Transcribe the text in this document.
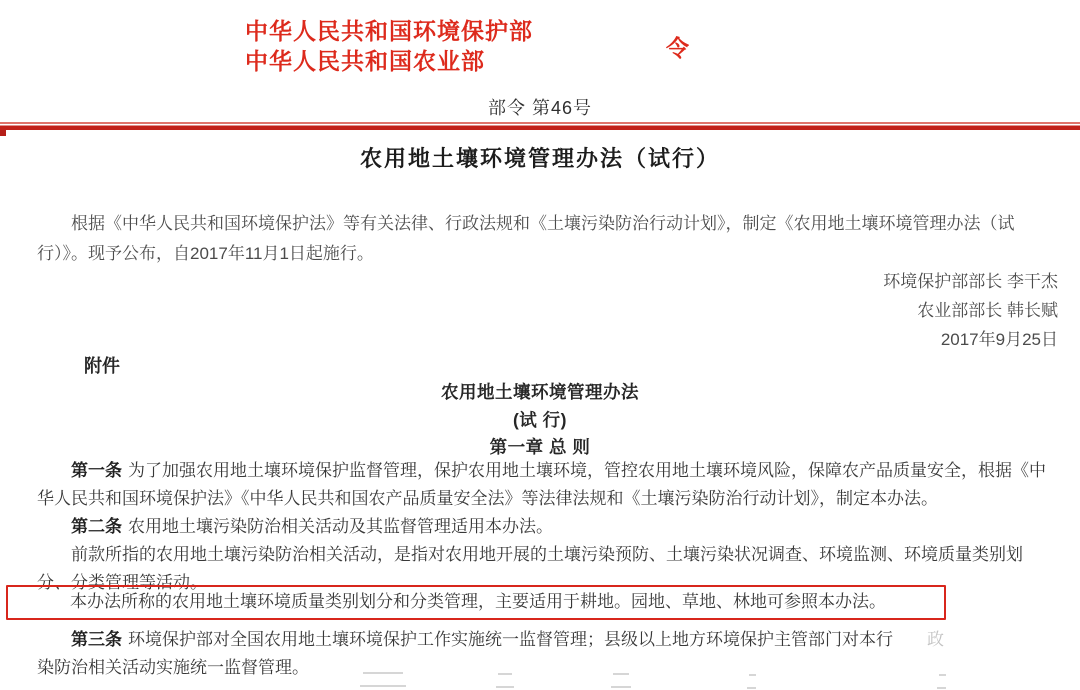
中华人民共和国环境保护部
中华人民共和国农业部	令
部令 第46号
农用地土壤环境管理办法（试行）

根据《中华人民共和国环境保护法》等有关法律、行政法规和《土壤污染防治行动计划》，制定《农用地土壤环境管理办法（试行）》。现予公布，自2017年11月1日起施行。

环境保护部部长 李干杰
农业部部长 韩长赋
2017年9月25日
附件
农用地土壤环境管理办法
(试 行)
第一章 总 则

第一条 为了加强农用地土壤环境保护监督管理，保护农用地土壤环境，管控农用地土壤环境风险，保障农产品质量安全，根据《中华人民共和国环境保护法》《中华人民共和国农产品质量安全法》等法律法规和《土壤污染防治行动计划》，制定本办法。

第二条 农用地土壤污染防治相关活动及其监督管理适用本办法。

前款所指的农用地土壤污染防治相关活动，是指对农用地开展的土壤污染预防、土壤污染状况调查、环境监测、环境质量类别划分、分类管理等活动。

本办法所称的农用地土壤环境质量类别划分和分类管理，主要适用于耕地。园地、草地、林地可参照本办法。

第三条 环境保护部对全国农用地土壤环境保护工作实施统一监督管理；县级以上地方环境保护主管部门对本行 政

染防治相关活动实施统一监督管理。
